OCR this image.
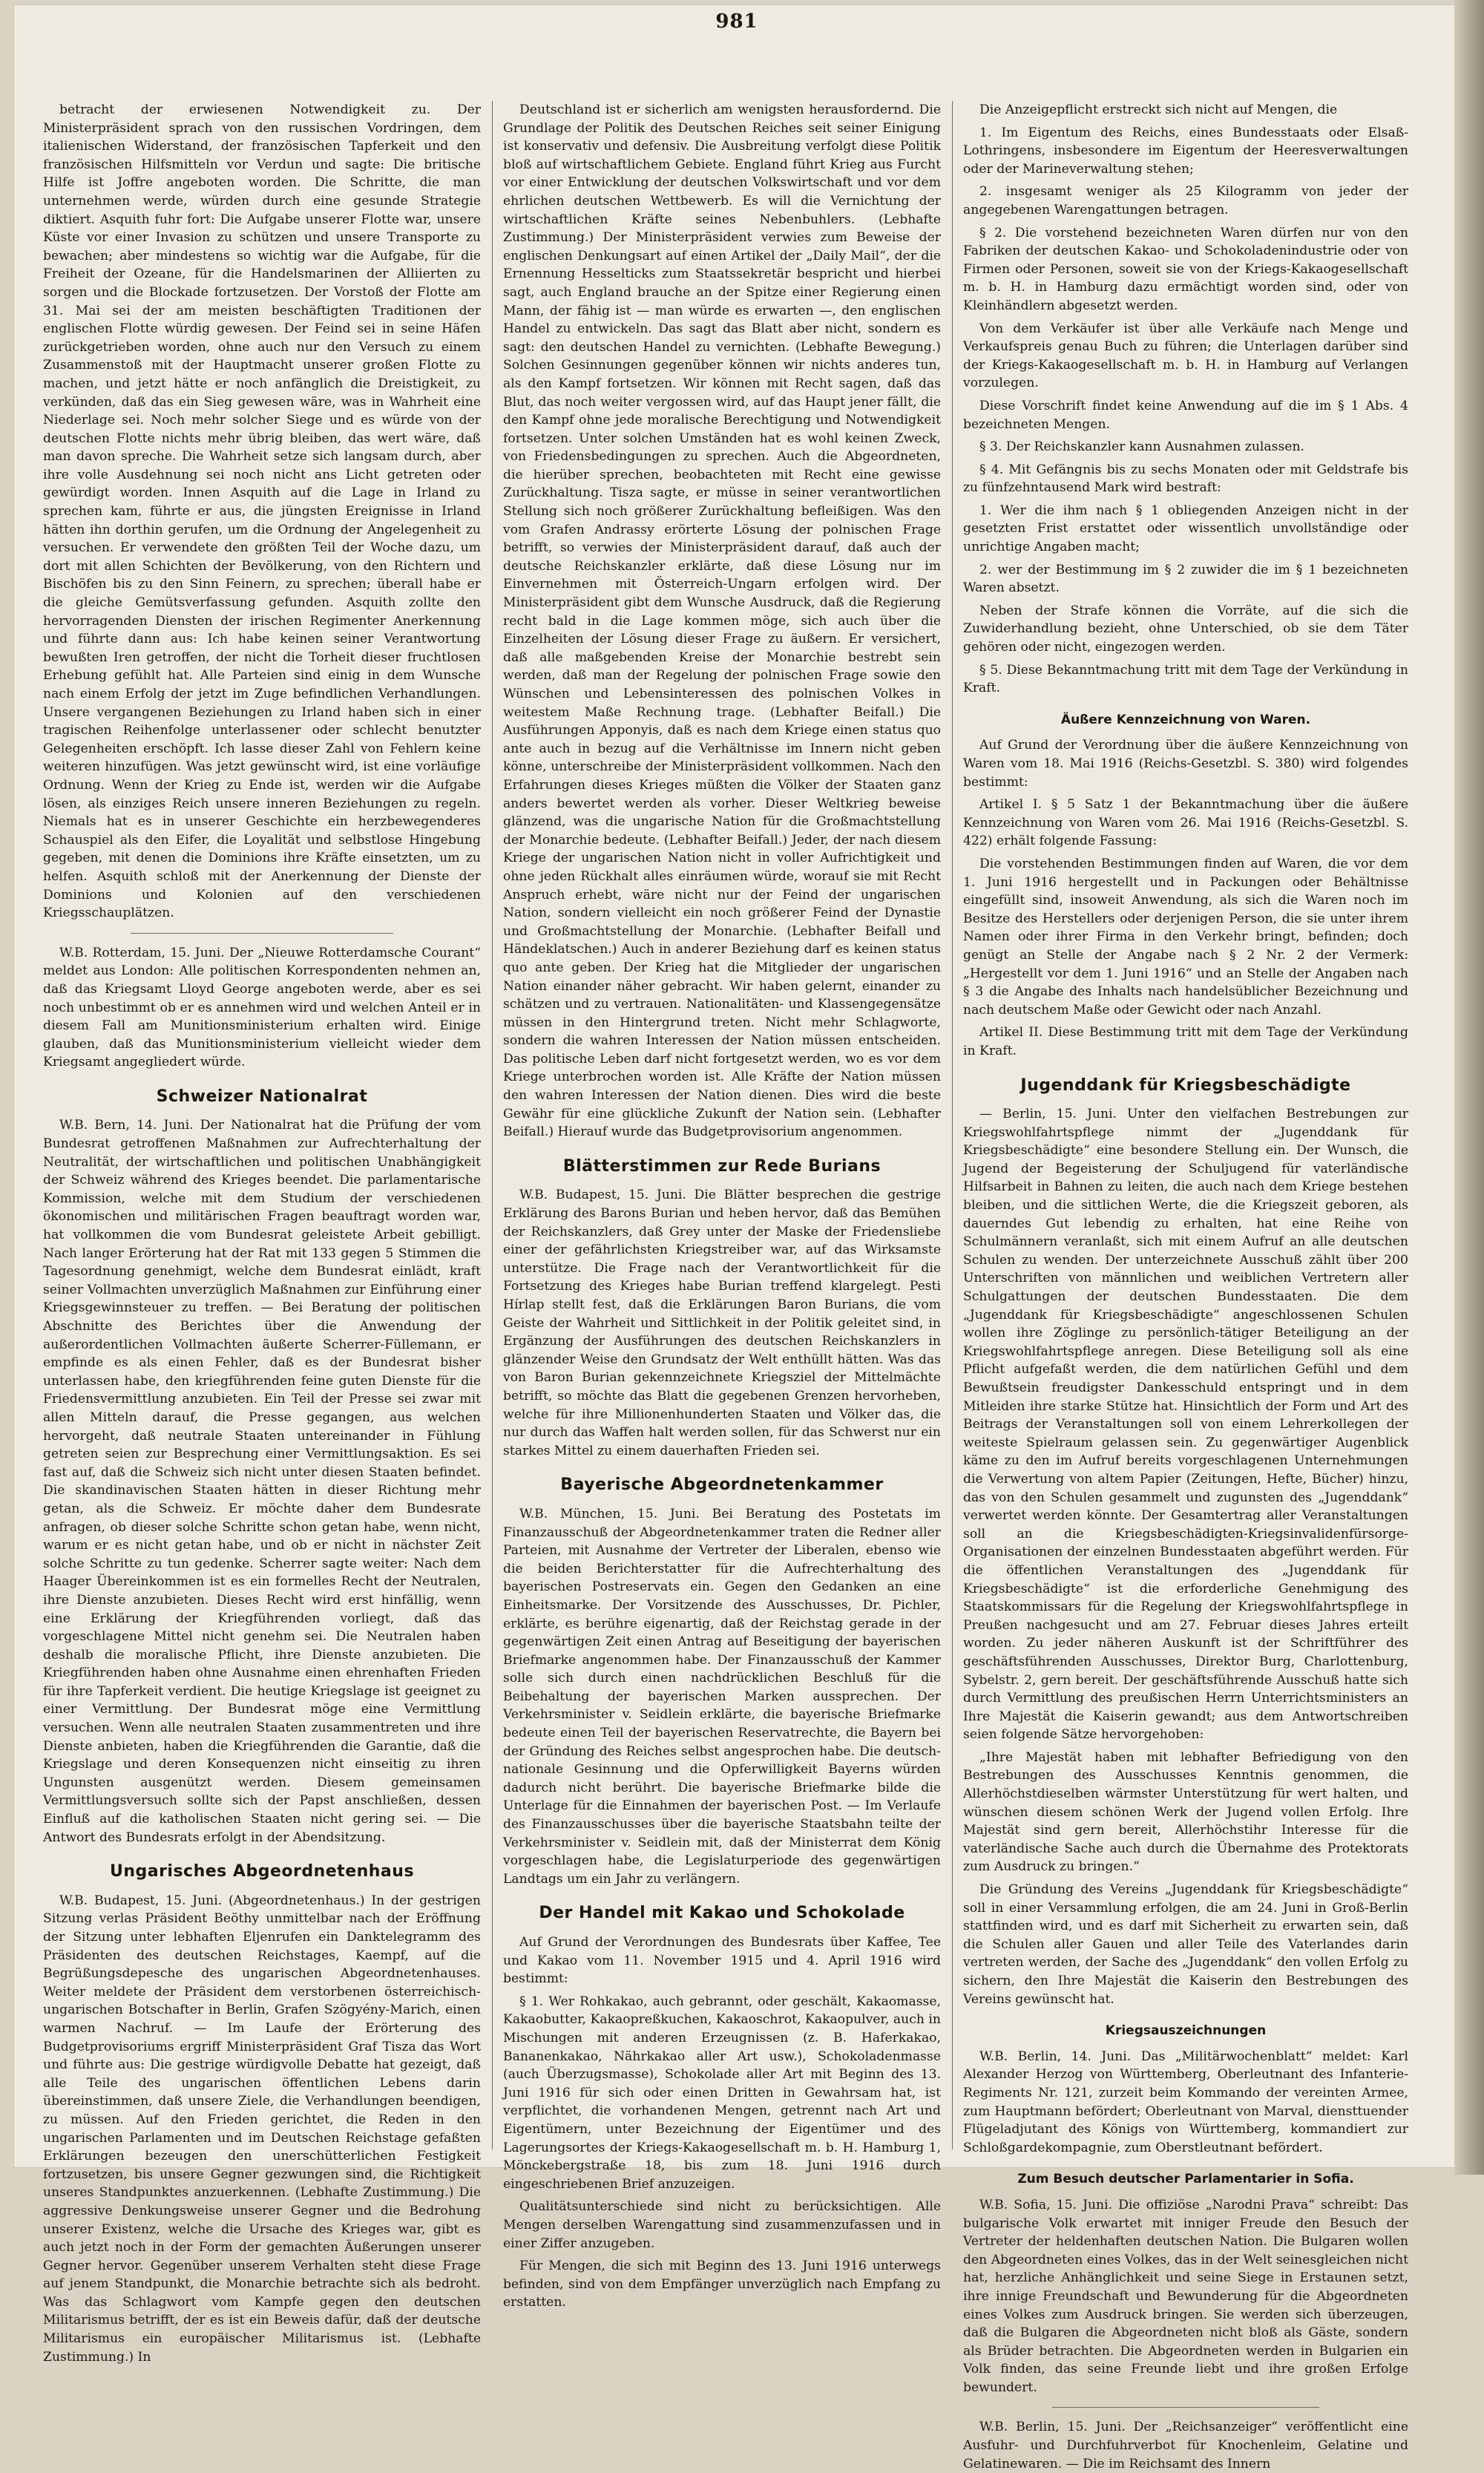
981

betracht der erwiesenen Notwendigkeit zu. Der Ministerpräsident sprach von den russischen Vordringen, dem italienischen Widerstand, der französischen Tapferkeit und den französischen Hilfsmitteln vor Verdun und sagte: Die britische Hilfe ist Joffre angeboten worden. Die Schritte, die man unternehmen werde, würden durch eine gesunde Strategie diktiert. Asquith fuhr fort: Die Aufgabe unserer Flotte war, unsere Küste vor einer Invasion zu schützen und unsere Transporte zu bewachen; aber mindestens so wichtig war die Aufgabe, für die Freiheit der Ozeane, für die Handelsmarinen der Alliierten zu sorgen und die Blockade fortzusetzen. Der Vorstoß der Flotte am 31. Mai sei der am meisten beschäftigten Traditionen der englischen Flotte würdig gewesen. Der Feind sei in seine Häfen zurückgetrieben worden, ohne auch nur den Versuch zu einem Zusammenstoß mit der Hauptmacht unserer großen Flotte zu machen, und jetzt hätte er noch anfänglich die Dreistigkeit, zu verkünden, daß das ein Sieg gewesen wäre, was in Wahrheit eine Niederlage sei. Noch mehr solcher Siege und es würde von der deutschen Flotte nichts mehr übrig bleiben, das wert wäre, daß man davon spreche. Die Wahrheit setze sich langsam durch, aber ihre volle Ausdehnung sei noch nicht ans Licht getreten oder gewürdigt worden. Innen Asquith auf die Lage in Irland zu sprechen kam, führte er aus, die jüngsten Ereignisse in Irland hätten ihn dorthin gerufen, um die Ordnung der Angelegenheit zu versuchen. Er verwendete den größten Teil der Woche dazu, um dort mit allen Schichten der Bevölkerung, von den Richtern und Bischöfen bis zu den Sinn Feinern, zu sprechen; überall habe er die gleiche Gemütsverfassung gefunden. Asquith zollte den hervorragenden Diensten der irischen Regimenter Anerkennung und führte dann aus: Ich habe keinen seiner Verantwortung bewußten Iren getroffen, der nicht die Torheit dieser fruchtlosen Erhebung gefühlt hat. Alle Parteien sind einig in dem Wunsche nach einem Erfolg der jetzt im Zuge befindlichen Verhandlungen. Unsere vergangenen Beziehungen zu Irland haben sich in einer tragischen Reihenfolge unterlassener oder schlecht benutzter Gelegenheiten erschöpft. Ich lasse dieser Zahl von Fehlern keine weiteren hinzufügen. Was jetzt gewünscht wird, ist eine vorläufige Ordnung. Wenn der Krieg zu Ende ist, werden wir die Aufgabe lösen, als einziges Reich unsere inneren Beziehungen zu regeln. Niemals hat es in unserer Geschichte ein herzbewegenderes Schauspiel als den Eifer, die Loyalität und selbstlose Hingebung gegeben, mit denen die Dominions ihre Kräfte einsetzten, um zu helfen. Asquith schloß mit der Anerkennung der Dienste der Dominions und Kolonien auf den verschiedenen Kriegsschauplätzen.

W.B. Rotterdam, 15. Juni. Der „Nieuwe Rotterdamsche Courant“ meldet aus London: Alle politischen Korrespondenten nehmen an, daß das Kriegsamt Lloyd George angeboten werde, aber es sei noch unbestimmt ob er es annehmen wird und welchen Anteil er in diesem Fall am Munitionsministerium erhalten wird. Einige glauben, daß das Munitionsministerium vielleicht wieder dem Kriegsamt angegliedert würde.

Schweizer Nationalrat

W.B. Bern, 14. Juni. Der Nationalrat hat die Prüfung der vom Bundesrat getroffenen Maßnahmen zur Aufrechterhaltung der Neutralität, der wirtschaftlichen und politischen Unabhängigkeit der Schweiz während des Krieges beendet. Die parlamentarische Kommission, welche mit dem Studium der verschiedenen ökonomischen und militärischen Fragen beauftragt worden war, hat vollkommen die vom Bundesrat geleistete Arbeit gebilligt. Nach langer Erörterung hat der Rat mit 133 gegen 5 Stimmen die Tagesordnung genehmigt, welche dem Bundesrat einlädt, kraft seiner Vollmachten unverzüglich Maßnahmen zur Einführung einer Kriegsgewinnsteuer zu treffen. — Bei Beratung der politischen Abschnitte des Berichtes über die Anwendung der außerordentlichen Vollmachten äußerte Scherrer-Füllemann, er empfinde es als einen Fehler, daß es der Bundesrat bisher unterlassen habe, den kriegführenden feine guten Dienste für die Friedensvermittlung anzubieten. Ein Teil der Presse sei zwar mit allen Mitteln darauf, die Presse gegangen, aus welchen hervorgeht, daß neutrale Staaten untereinander in Fühlung getreten seien zur Besprechung einer Vermittlungsaktion. Es sei fast auf, daß die Schweiz sich nicht unter diesen Staaten befindet. Die skandinavischen Staaten hätten in dieser Richtung mehr getan, als die Schweiz. Er möchte daher dem Bundesrate anfragen, ob dieser solche Schritte schon getan habe, wenn nicht, warum er es nicht getan habe, und ob er nicht in nächster Zeit solche Schritte zu tun gedenke. Scherrer sagte weiter: Nach dem Haager Übereinkommen ist es ein formelles Recht der Neutralen, ihre Dienste anzubieten. Dieses Recht wird erst hinfällig, wenn eine Erklärung der Kriegführenden vorliegt, daß das vorgeschlagene Mittel nicht genehm sei. Die Neutralen haben deshalb die moralische Pflicht, ihre Dienste anzubieten. Die Kriegführenden haben ohne Ausnahme einen ehrenhaften Frieden für ihre Tapferkeit verdient. Die heutige Kriegslage ist geeignet zu einer Vermittlung. Der Bundesrat möge eine Vermittlung versuchen. Wenn alle neutralen Staaten zusammentreten und ihre Dienste anbieten, haben die Kriegführenden die Garantie, daß die Kriegslage und deren Konsequenzen nicht einseitig zu ihren Ungunsten ausgenützt werden. Diesem gemeinsamen Vermittlungsversuch sollte sich der Papst anschließen, dessen Einfluß auf die katholischen Staaten nicht gering sei. — Die Antwort des Bundesrats erfolgt in der Abendsitzung.

Ungarisches Abgeordnetenhaus

W.B. Budapest, 15. Juni. (Abgeordnetenhaus.) In der gestrigen Sitzung verlas Präsident Beöthy unmittelbar nach der Eröffnung der Sitzung unter lebhaften Eljenrufen ein Danktelegramm des Präsidenten des deutschen Reichstages, Kaempf, auf die Begrüßungsdepesche des ungarischen Abgeordnetenhauses. Weiter meldete der Präsident dem verstorbenen österreichisch-ungarischen Botschafter in Berlin, Grafen Szögyény-Marich, einen warmen Nachruf. — Im Laufe der Erörterung des Budgetprovisoriums ergriff Ministerpräsident Graf Tisza das Wort und führte aus: Die gestrige würdigvolle Debatte hat gezeigt, daß alle Teile des ungarischen öffentlichen Lebens darin übereinstimmen, daß unsere Ziele, die Verhandlungen beendigen, zu müssen. Auf den Frieden gerichtet, die Reden in den ungarischen Parlamenten und im Deutschen Reichstage gefaßten Erklärungen bezeugen den unerschütterlichen Festigkeit fortzusetzen, bis unsere Gegner gezwungen sind, die Richtigkeit unseres Standpunktes anzuerkennen. (Lebhafte Zustimmung.) Die aggressive Denkungsweise unserer Gegner und die Bedrohung unserer Existenz, welche die Ursache des Krieges war, gibt es auch jetzt noch in der Form der gemachten Äußerungen unserer Gegner hervor. Gegenüber unserem Verhalten steht diese Frage auf jenem Standpunkt, die Monarchie betrachte sich als bedroht. Was das Schlagwort vom Kampfe gegen den deutschen Militarismus betrifft, der es ist ein Beweis dafür, daß der deutsche Militarismus ein europäischer Militarismus ist. (Lebhafte Zustimmung.) In

Deutschland ist er sicherlich am wenigsten herausfordernd. Die Grundlage der Politik des Deutschen Reiches seit seiner Einigung ist konservativ und defensiv. Die Ausbreitung verfolgt diese Politik bloß auf wirtschaftlichem Gebiete. England führt Krieg aus Furcht vor einer Entwicklung der deutschen Volkswirtschaft und vor dem ehrlichen deutschen Wettbewerb. Es will die Vernichtung der wirtschaftlichen Kräfte seines Nebenbuhlers. (Lebhafte Zustimmung.) Der Ministerpräsident verwies zum Beweise der englischen Denkungsart auf einen Artikel der „Daily Mail“, der die Ernennung Hesselticks zum Staatssekretär bespricht und hierbei sagt, auch England brauche an der Spitze einer Regierung einen Mann, der fähig ist — man würde es erwarten —, den englischen Handel zu entwickeln. Das sagt das Blatt aber nicht, sondern es sagt: den deutschen Handel zu vernichten. (Lebhafte Bewegung.) Solchen Gesinnungen gegenüber können wir nichts anderes tun, als den Kampf fortsetzen. Wir können mit Recht sagen, daß das Blut, das noch weiter vergossen wird, auf das Haupt jener fällt, die den Kampf ohne jede moralische Berechtigung und Notwendigkeit fortsetzen. Unter solchen Umständen hat es wohl keinen Zweck, von Friedensbedingungen zu sprechen. Auch die Abgeordneten, die hierüber sprechen, beobachteten mit Recht eine gewisse Zurückhaltung. Tisza sagte, er müsse in seiner verantwortlichen Stellung sich noch größerer Zurückhaltung befleißigen. Was den vom Grafen Andrassy erörterte Lösung der polnischen Frage betrifft, so verwies der Ministerpräsident darauf, daß auch der deutsche Reichskanzler erklärte, daß diese Lösung nur im Einvernehmen mit Österreich-Ungarn erfolgen wird. Der Ministerpräsident gibt dem Wunsche Ausdruck, daß die Regierung recht bald in die Lage kommen möge, sich auch über die Einzelheiten der Lösung dieser Frage zu äußern. Er versichert, daß alle maßgebenden Kreise der Monarchie bestrebt sein werden, daß man der Regelung der polnischen Frage sowie den Wünschen und Lebensinteressen des polnischen Volkes in weitestem Maße Rechnung trage. (Lebhafter Beifall.) Die Ausführungen Apponyis, daß es nach dem Kriege einen status quo ante auch in bezug auf die Verhältnisse im Innern nicht geben könne, unterschreibe der Ministerpräsident vollkommen. Nach den Erfahrungen dieses Krieges müßten die Völker der Staaten ganz anders bewertet werden als vorher. Dieser Weltkrieg beweise glänzend, was die ungarische Nation für die Großmachtstellung der Monarchie bedeute. (Lebhafter Beifall.) Jeder, der nach diesem Kriege der ungarischen Nation nicht in voller Aufrichtigkeit und ohne jeden Rückhalt alles einräumen würde, worauf sie mit Recht Anspruch erhebt, wäre nicht nur der Feind der ungarischen Nation, sondern vielleicht ein noch größerer Feind der Dynastie und Großmachtstellung der Monarchie. (Lebhafter Beifall und Händeklatschen.) Auch in anderer Beziehung darf es keinen status quo ante geben. Der Krieg hat die Mitglieder der ungarischen Nation einander näher gebracht. Wir haben gelernt, einander zu schätzen und zu vertrauen. Nationalitäten- und Klassengegensätze müssen in den Hintergrund treten. Nicht mehr Schlagworte, sondern die wahren Interessen der Nation müssen entscheiden. Das politische Leben darf nicht fortgesetzt werden, wo es vor dem Kriege unterbrochen worden ist. Alle Kräfte der Nation müssen den wahren Interessen der Nation dienen. Dies wird die beste Gewähr für eine glückliche Zukunft der Nation sein. (Lebhafter Beifall.) Hierauf wurde das Budgetprovisorium angenommen.

Blätterstimmen zur Rede Burians

W.B. Budapest, 15. Juni. Die Blätter besprechen die gestrige Erklärung des Barons Burian und heben hervor, daß das Bemühen der Reichskanzlers, daß Grey unter der Maske der Friedensliebe einer der gefährlichsten Kriegstreiber war, auf das Wirksamste unterstütze. Die Frage nach der Verantwortlichkeit für die Fortsetzung des Krieges habe Burian treffend klargelegt. Pesti Hírlap stellt fest, daß die Erklärungen Baron Burians, die vom Geiste der Wahrheit und Sittlichkeit in der Politik geleitet sind, in Ergänzung der Ausführungen des deutschen Reichskanzlers in glänzender Weise den Grundsatz der Welt enthüllt hätten. Was das von Baron Burian gekennzeichnete Kriegsziel der Mittelmächte betrifft, so möchte das Blatt die gegebenen Grenzen hervorheben, welche für ihre Millionenhunderten Staaten und Völker das, die nur durch das Waffen halt werden sollen, für das Schwerst nur ein starkes Mittel zu einem dauerhaften Frieden sei.

Bayerische Abgeordnetenkammer

W.B. München, 15. Juni. Bei Beratung des Postetats im Finanzausschuß der Abgeordnetenkammer traten die Redner aller Parteien, mit Ausnahme der Vertreter der Liberalen, ebenso wie die beiden Berichterstatter für die Aufrechterhaltung des bayerischen Postreservats ein. Gegen den Gedanken an eine Einheitsmarke. Der Vorsitzende des Ausschusses, Dr. Pichler, erklärte, es berühre eigenartig, daß der Reichstag gerade in der gegenwärtigen Zeit einen Antrag auf Beseitigung der bayerischen Briefmarke angenommen habe. Der Finanzausschuß der Kammer solle sich durch einen nachdrücklichen Beschluß für die Beibehaltung der bayerischen Marken aussprechen. Der Verkehrsminister v. Seidlein erklärte, die bayerische Briefmarke bedeute einen Teil der bayerischen Reservatrechte, die Bayern bei der Gründung des Reiches selbst angesprochen habe. Die deutsch-nationale Gesinnung und die Opferwilligkeit Bayerns würden dadurch nicht berührt. Die bayerische Briefmarke bilde die Unterlage für die Einnahmen der bayerischen Post. — Im Verlaufe des Finanzausschusses über die bayerische Staatsbahn teilte der Verkehrsminister v. Seidlein mit, daß der Ministerrat dem König vorgeschlagen habe, die Legislaturperiode des gegenwärtigen Landtags um ein Jahr zu verlängern.

Der Handel mit Kakao und Schokolade

Auf Grund der Verordnungen des Bundesrats über Kaffee, Tee und Kakao vom 11. November 1915 und 4. April 1916 wird bestimmt:

§ 1. Wer Rohkakao, auch gebrannt, oder geschält, Kakaomasse, Kakaobutter, Kakaopreßkuchen, Kakaoschrot, Kakaopulver, auch in Mischungen mit anderen Erzeugnissen (z. B. Haferkakao, Bananenkakao, Nährkakao aller Art usw.), Schokoladenmasse (auch Überzugsmasse), Schokolade aller Art mit Beginn des 13. Juni 1916 für sich oder einen Dritten in Gewahrsam hat, ist verpflichtet, die vorhandenen Mengen, getrennt nach Art und Eigentümern, unter Bezeichnung der Eigentümer und des Lagerungsortes der Kriegs-Kakaogesellschaft m. b. H. Hamburg 1, Mönckebergstraße 18, bis zum 18. Juni 1916 durch eingeschriebenen Brief anzuzeigen.

Qualitätsunterschiede sind nicht zu berücksichtigen. Alle Mengen derselben Warengattung sind zusammenzufassen und in einer Ziffer anzugeben.

Für Mengen, die sich mit Beginn des 13. Juni 1916 unterwegs befinden, sind von dem Empfänger unverzüglich nach Empfang zu erstatten.

Die Anzeigepflicht erstreckt sich nicht auf Mengen, die

1. Im Eigentum des Reichs, eines Bundesstaats oder Elsaß-Lothringens, insbesondere im Eigentum der Heeresverwaltungen oder der Marineverwaltung stehen;

2. insgesamt weniger als 25 Kilogramm von jeder der angegebenen Warengattungen betragen.

§ 2. Die vorstehend bezeichneten Waren dürfen nur von den Fabriken der deutschen Kakao- und Schokoladenindustrie oder von Firmen oder Personen, soweit sie von der Kriegs-Kakaogesellschaft m. b. H. in Hamburg dazu ermächtigt worden sind, oder von Kleinhändlern abgesetzt werden.

Von dem Verkäufer ist über alle Verkäufe nach Menge und Verkaufspreis genau Buch zu führen; die Unterlagen darüber sind der Kriegs-Kakaogesellschaft m. b. H. in Hamburg auf Verlangen vorzulegen.

Diese Vorschrift findet keine Anwendung auf die im § 1 Abs. 4 bezeichneten Mengen.

§ 3. Der Reichskanzler kann Ausnahmen zulassen.

§ 4. Mit Gefängnis bis zu sechs Monaten oder mit Geldstrafe bis zu fünfzehntausend Mark wird bestraft:

1. Wer die ihm nach § 1 obliegenden Anzeigen nicht in der gesetzten Frist erstattet oder wissentlich unvollständige oder unrichtige Angaben macht;

2. wer der Bestimmung im § 2 zuwider die im § 1 bezeichneten Waren absetzt.

Neben der Strafe können die Vorräte, auf die sich die Zuwiderhandlung bezieht, ohne Unterschied, ob sie dem Täter gehören oder nicht, eingezogen werden.

§ 5. Diese Bekanntmachung tritt mit dem Tage der Verkündung in Kraft.

Äußere Kennzeichnung von Waren.

Auf Grund der Verordnung über die äußere Kennzeichnung von Waren vom 18. Mai 1916 (Reichs-Gesetzbl. S. 380) wird folgendes bestimmt:

Artikel I. § 5 Satz 1 der Bekanntmachung über die äußere Kennzeichnung von Waren vom 26. Mai 1916 (Reichs-Gesetzbl. S. 422) erhält folgende Fassung:

Die vorstehenden Bestimmungen finden auf Waren, die vor dem 1. Juni 1916 hergestellt und in Packungen oder Behältnisse eingefüllt sind, insoweit Anwendung, als sich die Waren noch im Besitze des Herstellers oder derjenigen Person, die sie unter ihrem Namen oder ihrer Firma in den Verkehr bringt, befinden; doch genügt an Stelle der Angabe nach § 2 Nr. 2 der Vermerk: „Hergestellt vor dem 1. Juni 1916“ und an Stelle der Angaben nach § 3 die Angabe des Inhalts nach handelsüblicher Bezeichnung und nach deutschem Maße oder Gewicht oder nach Anzahl.

Artikel II. Diese Bestimmung tritt mit dem Tage der Verkündung in Kraft.

Jugenddank für Kriegsbeschädigte

— Berlin, 15. Juni. Unter den vielfachen Bestrebungen zur Kriegswohlfahrtspflege nimmt der „Jugenddank für Kriegsbeschädigte“ eine besondere Stellung ein. Der Wunsch, die Jugend der Begeisterung der Schuljugend für vaterländische Hilfsarbeit in Bahnen zu leiten, die auch nach dem Kriege bestehen bleiben, und die sittlichen Werte, die die Kriegszeit geboren, als dauerndes Gut lebendig zu erhalten, hat eine Reihe von Schulmännern veranlaßt, sich mit einem Aufruf an alle deutschen Schulen zu wenden. Der unterzeichnete Ausschuß zählt über 200 Unterschriften von männlichen und weiblichen Vertretern aller Schulgattungen der deutschen Bundesstaaten. Die dem „Jugenddank für Kriegsbeschädigte“ angeschlossenen Schulen wollen ihre Zöglinge zu persönlich-tätiger Beteiligung an der Kriegswohlfahrtspflege anregen. Diese Beteiligung soll als eine Pflicht aufgefaßt werden, die dem natürlichen Gefühl und dem Bewußtsein freudigster Dankesschuld entspringt und in dem Mitleiden ihre starke Stütze hat. Hinsichtlich der Form und Art des Beitrags der Veranstaltungen soll von einem Lehrerkollegen der weiteste Spielraum gelassen sein. Zu gegenwärtiger Augenblick käme zu den im Aufruf bereits vorgeschlagenen Unternehmungen die Verwertung von altem Papier (Zeitungen, Hefte, Bücher) hinzu, das von den Schulen gesammelt und zugunsten des „Jugenddank“ verwertet werden könnte. Der Gesamtertrag aller Veranstaltungen soll an die Kriegsbeschädigten-Kriegsinvalidenfürsorge-Organisationen der einzelnen Bundesstaaten abgeführt werden. Für die öffentlichen Veranstaltungen des „Jugenddank für Kriegsbeschädigte“ ist die erforderliche Genehmigung des Staatskommissars für die Regelung der Kriegswohlfahrtspflege in Preußen nachgesucht und am 27. Februar dieses Jahres erteilt worden. Zu jeder näheren Auskunft ist der Schriftführer des geschäftsführenden Ausschusses, Direktor Burg, Charlottenburg, Sybelstr. 2, gern bereit. Der geschäftsführende Ausschuß hatte sich durch Vermittlung des preußischen Herrn Unterrichtsministers an Ihre Majestät die Kaiserin gewandt; aus dem Antwortschreiben seien folgende Sätze hervorgehoben:

„Ihre Majestät haben mit lebhafter Befriedigung von den Bestrebungen des Ausschusses Kenntnis genommen, die Allerhöchstdieselben wärmster Unterstützung für wert halten, und wünschen diesem schönen Werk der Jugend vollen Erfolg. Ihre Majestät sind gern bereit, Allerhöchstihr Interesse für die vaterländische Sache auch durch die Übernahme des Protektorats zum Ausdruck zu bringen.“

Die Gründung des Vereins „Jugenddank für Kriegsbeschädigte“ soll in einer Versammlung erfolgen, die am 24. Juni in Groß-Berlin stattfinden wird, und es darf mit Sicherheit zu erwarten sein, daß die Schulen aller Gauen und aller Teile des Vaterlandes darin vertreten werden, der Sache des „Jugenddank“ den vollen Erfolg zu sichern, den Ihre Majestät die Kaiserin den Bestrebungen des Vereins gewünscht hat.

Kriegsauszeichnungen

W.B. Berlin, 14. Juni. Das „Militärwochenblatt“ meldet: Karl Alexander Herzog von Württemberg, Oberleutnant des Infanterie-Regiments Nr. 121, zurzeit beim Kommando der vereinten Armee, zum Hauptmann befördert; Oberleutnant von Marval, diensttuender Flügeladjutant des Königs von Württemberg, kommandiert zur Schloßgardekompagnie, zum Oberstleutnant befördert.

Zum Besuch deutscher Parlamentarier in Sofia.

W.B. Sofia, 15. Juni. Die offiziöse „Narodni Prava“ schreibt: Das bulgarische Volk erwartet mit inniger Freude den Besuch der Vertreter der heldenhaften deutschen Nation. Die Bulgaren wollen den Abgeordneten eines Volkes, das in der Welt seinesgleichen nicht hat, herzliche Anhänglichkeit und seine Siege in Erstaunen setzt, ihre innige Freundschaft und Bewunderung für die Abgeordneten eines Volkes zum Ausdruck bringen. Sie werden sich überzeugen, daß die Bulgaren die Abgeordneten nicht bloß als Gäste, sondern als Brüder betrachten. Die Abgeordneten werden in Bulgarien ein Volk finden, das seine Freunde liebt und ihre großen Erfolge bewundert.

W.B. Berlin, 15. Juni. Der „Reichsanzeiger“ veröffentlicht eine Ausfuhr- und Durchfuhrverbot für Knochenleim, Gelatine und Gelatinewaren. — Die im Reichsamt des Innern
